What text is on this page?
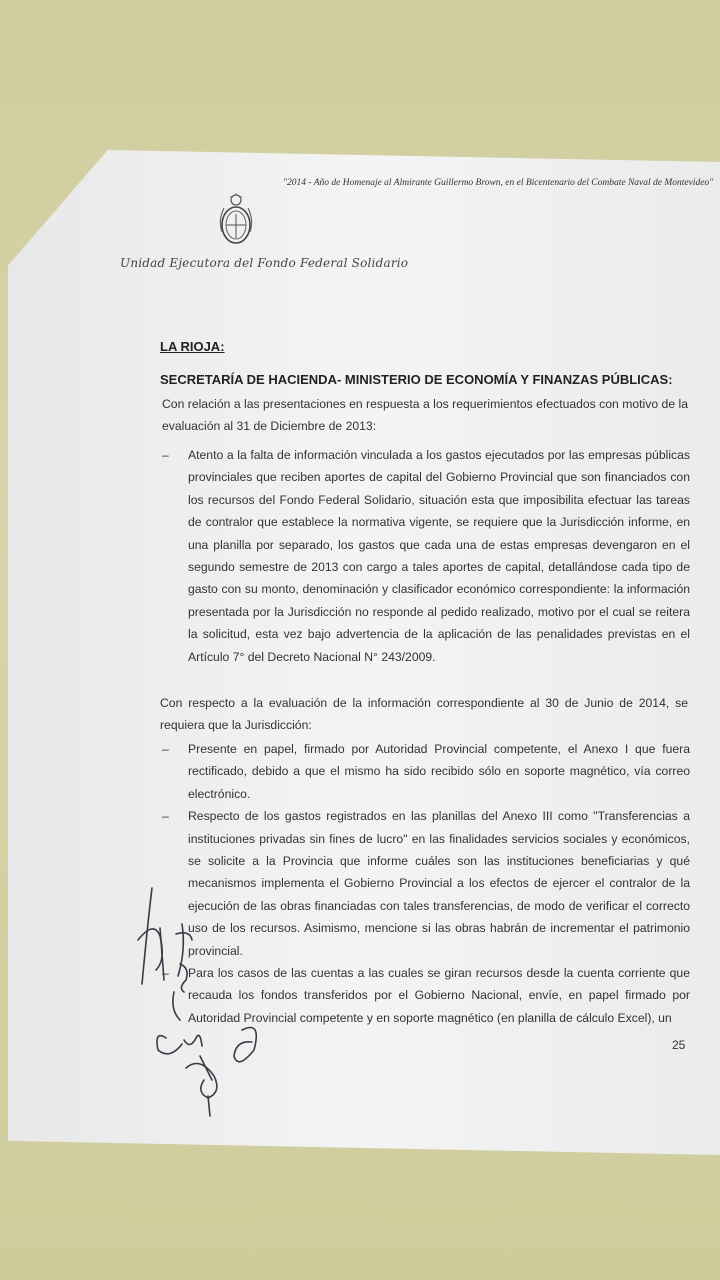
"2014 - Año de Homenaje al Almirante Guillermo Brown, en el Bicentenario del Combate Naval de Montevideo"
Unidad Ejecutora del Fondo Federal Solidario
LA RIOJA:
SECRETARÍA DE HACIENDA- MINISTERIO DE ECONOMÍA Y FINANZAS PÚBLICAS:
Con relación a las presentaciones en respuesta a los requerimientos efectuados con motivo de la evaluación al 31 de Diciembre de 2013:
– Atento a la falta de información vinculada a los gastos ejecutados por las empresas públicas provinciales que reciben aportes de capital del Gobierno Provincial que son financiados con los recursos del Fondo Federal Solidario, situación esta que imposibilita efectuar las tareas de contralor que establece la normativa vigente, se requiere que la Jurisdicción informe, en una planilla por separado, los gastos que cada una de estas empresas devengaron en el segundo semestre de 2013 con cargo a tales aportes de capital, detallándose cada tipo de gasto con su monto, denominación y clasificador económico correspondiente: la información presentada por la Jurisdicción no responde al pedido realizado, motivo por el cual se reitera la solicitud, esta vez bajo advertencia de la aplicación de las penalidades previstas en el Artículo 7° del Decreto Nacional N° 243/2009.
Con respecto a la evaluación de la información correspondiente al 30 de Junio de 2014, se requiera que la Jurisdicción:
– Presente en papel, firmado por Autoridad Provincial competente, el Anexo I que fuera rectificado, debido a que el mismo ha sido recibido sólo en soporte magnético, vía correo electrónico.
– Respecto de los gastos registrados en las planillas del Anexo III como "Transferencias a instituciones privadas sin fines de lucro" en las finalidades servicios sociales y económicos, se solicite a la Provincia que informe cuáles son las instituciones beneficiarias y qué mecanismos implementa el Gobierno Provincial a los efectos de ejercer el contralor de la ejecución de las obras financiadas con tales transferencias, de modo de verificar el correcto uso de los recursos. Asimismo, mencione si las obras habrán de incrementar el patrimonio provincial.
– Para los casos de las cuentas a las cuales se giran recursos desde la cuenta corriente que recauda los fondos transferidos por el Gobierno Nacional, envíe, en papel firmado por Autoridad Provincial competente y en soporte magnético (en planilla de cálculo Excel), un
25
